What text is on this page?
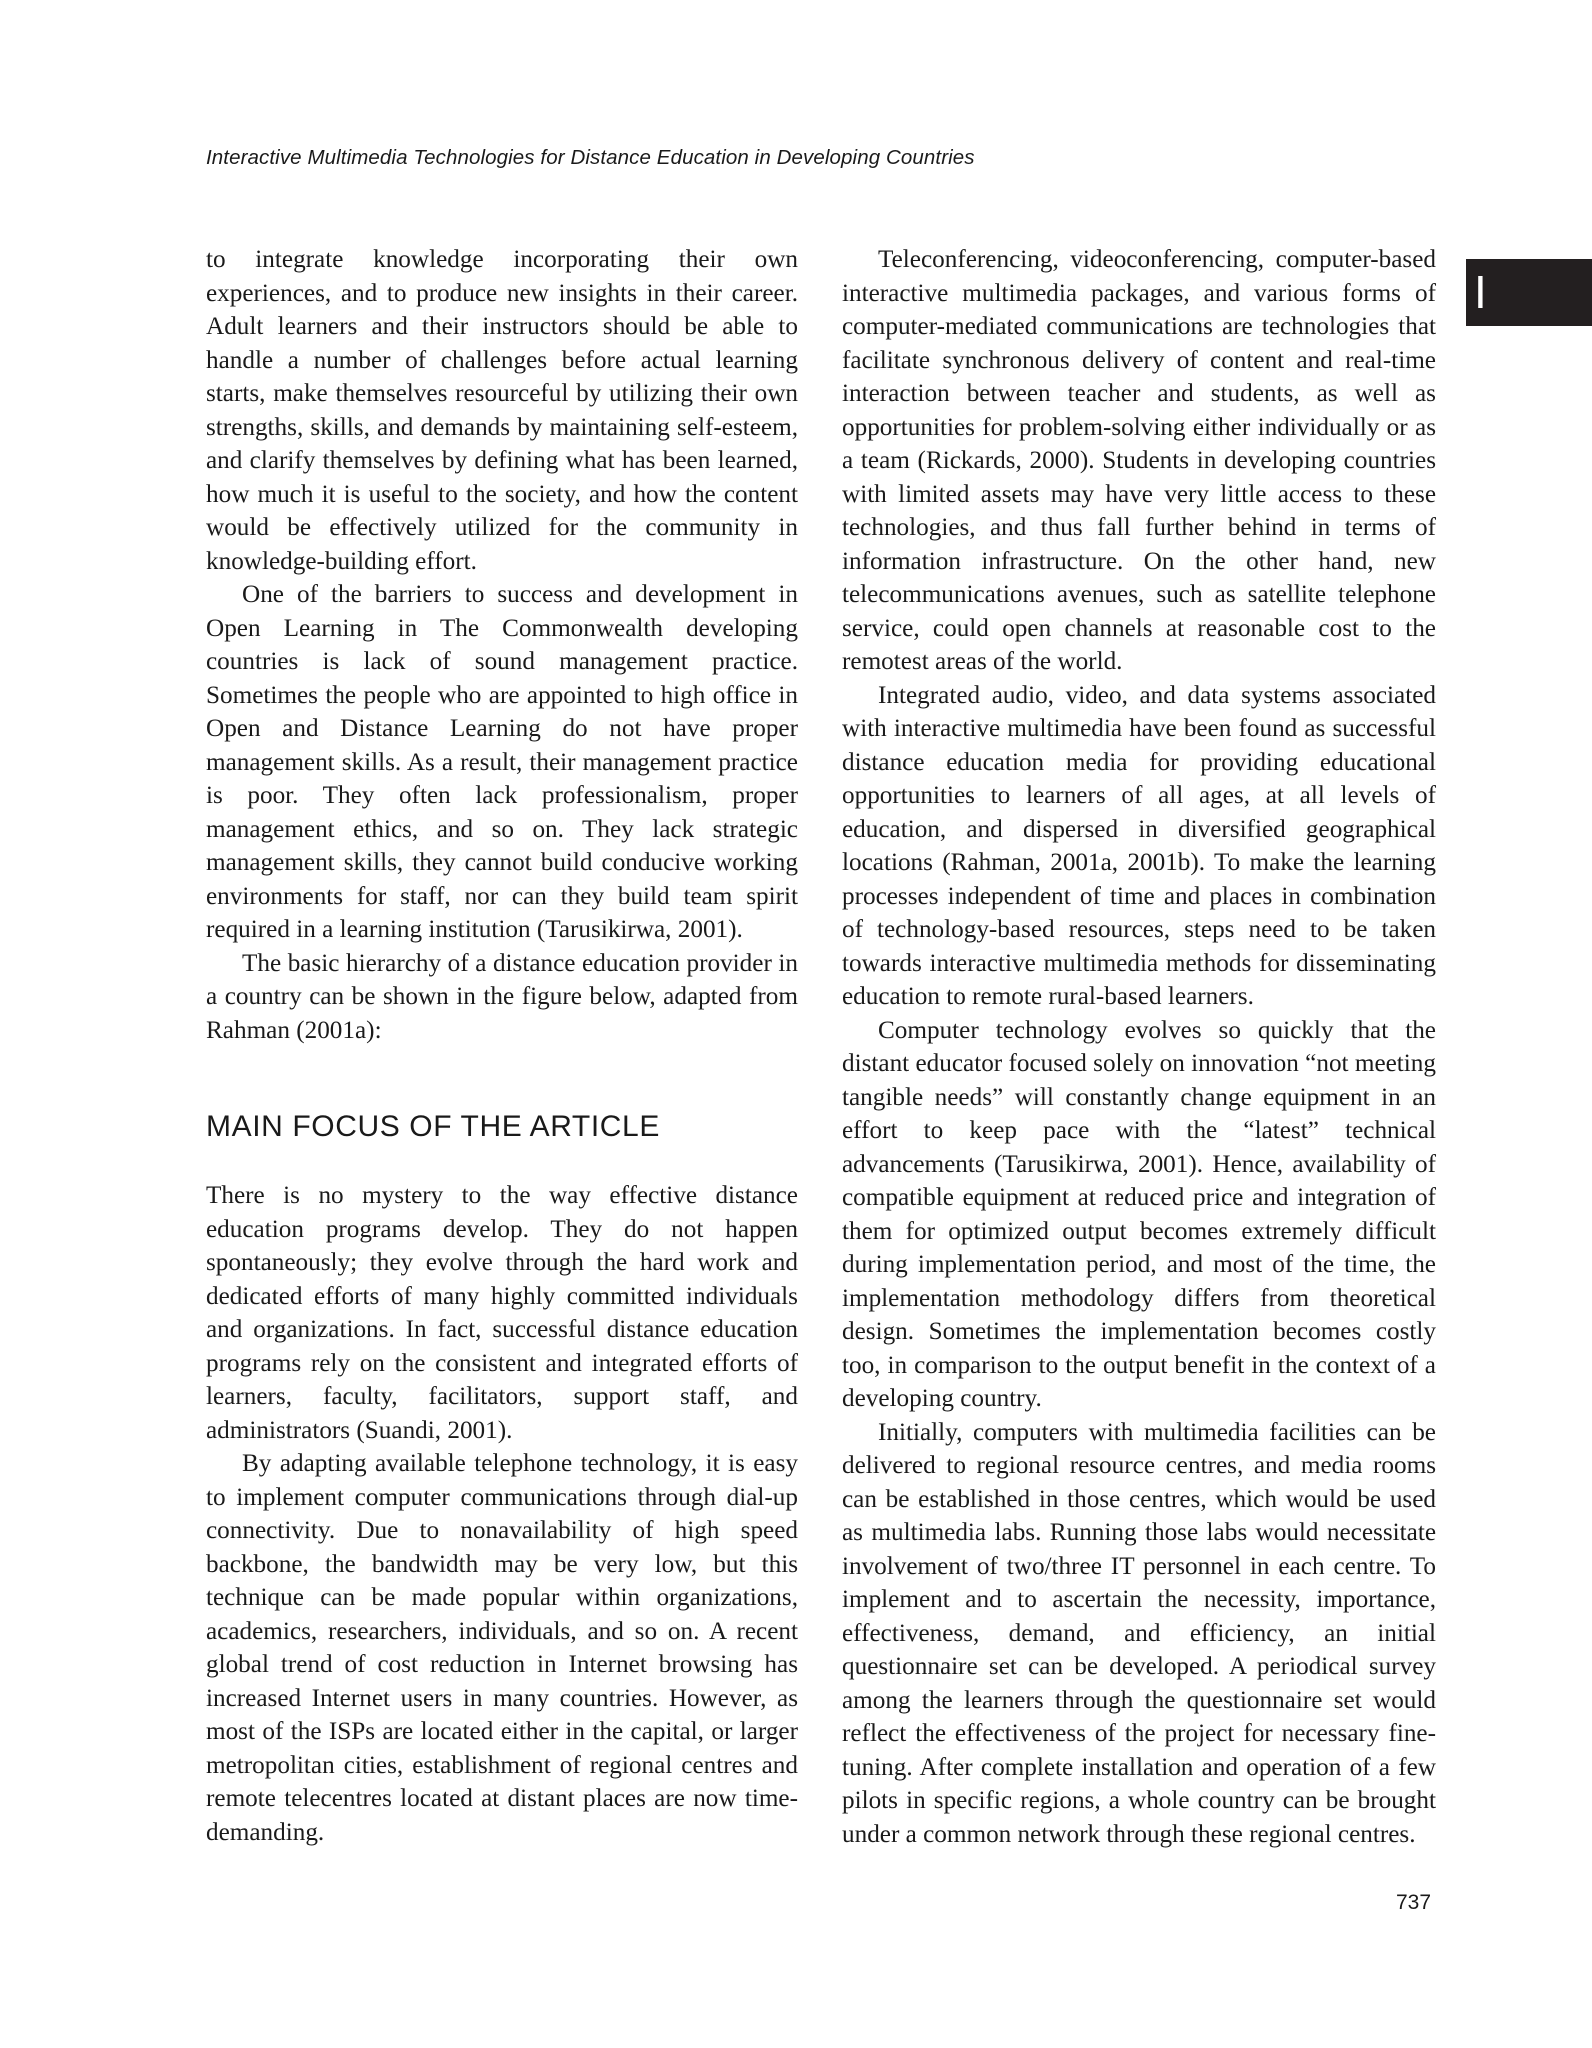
Interactive Multimedia Technologies for Distance Education in Developing Countries
I

to integrate knowledge incorporating their own experiences, and to produce new insights in their career. Adult learners and their instructors should be able to handle a number of challenges before actual learning starts, make themselves resourceful by utilizing their own strengths, skills, and demands by maintaining self-esteem, and clarify themselves by defining what has been learned, how much it is useful to the society, and how the content would be effectively utilized for the community in knowledge-building effort.

One of the barriers to success and development in Open Learning in The Commonwealth developing countries is lack of sound management practice. Sometimes the people who are appointed to high office in Open and Distance Learning do not have proper management skills. As a result, their management practice is poor. They often lack professionalism, proper management ethics, and so on. They lack strategic management skills, they cannot build conducive working environments for staff, nor can they build team spirit required in a learning institution (Tarusikirwa, 2001).

The basic hierarchy of a distance education provider in a country can be shown in the figure below, adapted from Rahman (2001a):

MAIN FOCUS OF THE ARTICLE

There is no mystery to the way effective distance education programs develop. They do not happen spontaneously; they evolve through the hard work and dedicated efforts of many highly committed individuals and organizations. In fact, successful distance education programs rely on the consistent and integrated efforts of learners, faculty, facilitators, support staff, and administrators (Suandi, 2001).

By adapting available telephone technology, it is easy to implement computer communications through dial-up connectivity. Due to nonavailability of high speed backbone, the bandwidth may be very low, but this technique can be made popular within organizations, academics, researchers, individuals, and so on. A recent global trend of cost reduction in Internet browsing has increased Internet users in many countries. However, as most of the ISPs are located either in the capital, or larger metropolitan cities, establishment of regional centres and remote telecentres located at distant places are now time-demanding.

Teleconferencing, videoconferencing, computer-based interactive multimedia packages, and various forms of computer-mediated communications are technologies that facilitate synchronous delivery of content and real-time interaction between teacher and students, as well as opportunities for problem-solving either individually or as a team (Rickards, 2000). Students in developing countries with limited assets may have very little access to these technologies, and thus fall further behind in terms of information infrastructure. On the other hand, new telecommunications avenues, such as satellite telephone service, could open channels at reasonable cost to the remotest areas of the world.

Integrated audio, video, and data systems associated with interactive multimedia have been found as successful distance education media for providing educational opportunities to learners of all ages, at all levels of education, and dispersed in diversified geographical locations (Rahman, 2001a, 2001b). To make the learning processes independent of time and places in combination of technology-based resources, steps need to be taken towards interactive multimedia methods for disseminating education to remote rural-based learners.

Computer technology evolves so quickly that the distant educator focused solely on innovation “not meeting tangible needs” will constantly change equipment in an effort to keep pace with the “latest” technical advancements (Tarusikirwa, 2001). Hence, availability of compatible equipment at reduced price and integration of them for optimized output becomes extremely difficult during implementation period, and most of the time, the implementation methodology differs from theoretical design. Sometimes the implementation becomes costly too, in comparison to the output benefit in the context of a developing country.

Initially, computers with multimedia facilities can be delivered to regional resource centres, and media rooms can be established in those centres, which would be used as multimedia labs. Running those labs would necessitate involvement of two/three IT personnel in each centre. To implement and to ascertain the necessity, importance, effectiveness, demand, and efficiency, an initial questionnaire set can be developed. A periodical survey among the learners through the questionnaire set would reflect the effectiveness of the project for necessary fine-tuning. After complete installation and operation of a few pilots in specific regions, a whole country can be brought under a common network through these regional centres.

737
